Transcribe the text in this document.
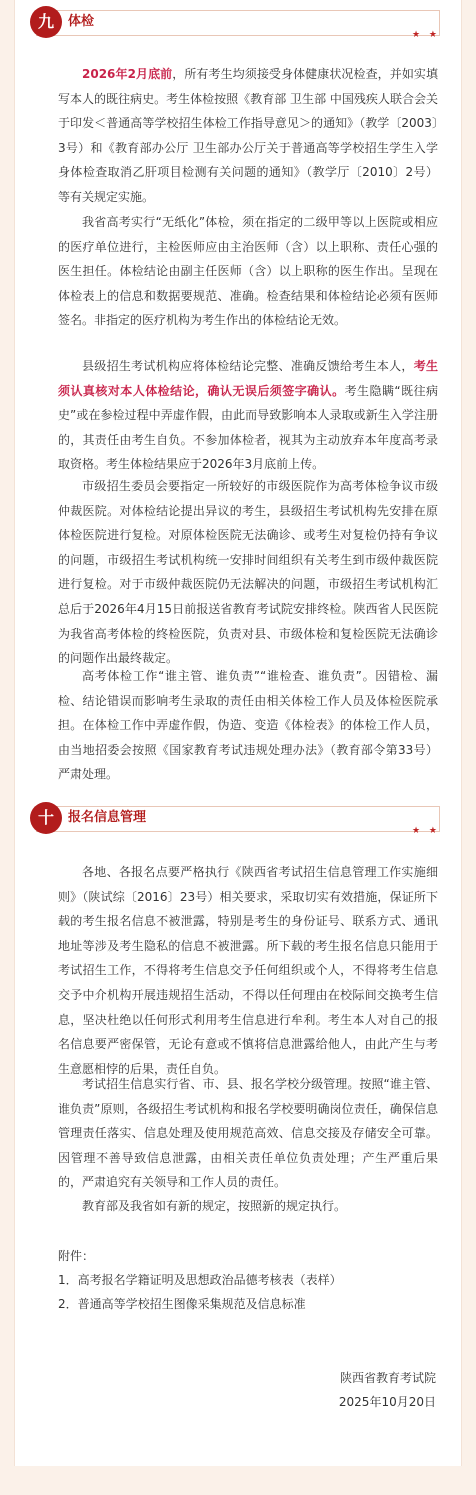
九	体检
★ ★
2026年2月底前，所有考生均须接受身体健康状况检查，并如实填写本人的既往病史。考生体检按照《教育部 卫生部 中国残疾人联合会关于印发＜普通高等学校招生体检工作指导意见＞的通知》（教学〔2003〕3号）和《教育部办公厅 卫生部办公厅关于普通高等学校招生学生入学身体检查取消乙肝项目检测有关问题的通知》（教学厅〔2010〕2号）等有关规定实施。
我省高考实行“无纸化”体检，须在指定的二级甲等以上医院或相应的医疗单位进行，主检医师应由主治医师（含）以上职称、责任心强的医生担任。体检结论由副主任医师（含）以上职称的医生作出。呈现在体检表上的信息和数据要规范、准确。检查结果和体检结论必须有医师签名。非指定的医疗机构为考生作出的体检结论无效。
县级招生考试机构应将体检结论完整、准确反馈给考生本人，考生须认真核对本人体检结论，确认无误后须签字确认。考生隐瞒“既往病史”或在参检过程中弄虚作假，由此而导致影响本人录取或新生入学注册的，其责任由考生自负。不参加体检者，视其为主动放弃本年度高考录取资格。考生体检结果应于2026年3月底前上传。
市级招生委员会要指定一所较好的市级医院作为高考体检争议市级仲裁医院。对体检结论提出异议的考生，县级招生考试机构先安排在原体检医院进行复检。对原体检医院无法确诊、或考生对复检仍持有争议的问题，市级招生考试机构统一安排时间组织有关考生到市级仲裁医院进行复检。对于市级仲裁医院仍无法解决的问题，市级招生考试机构汇总后于2026年4月15日前报送省教育考试院安排终检。陕西省人民医院为我省高考体检的终检医院，负责对县、市级体检和复检医院无法确诊的问题作出最终裁定。
高考体检工作“谁主管、谁负责”“谁检查、谁负责”。因错检、漏检、结论错误而影响考生录取的责任由相关体检工作人员及体检医院承担。在体检工作中弄虚作假，伪造、变造《体检表》的体检工作人员，由当地招委会按照《国家教育考试违规处理办法》（教育部令第33号）严肃处理。
十	报名信息管理
★ ★
各地、各报名点要严格执行《陕西省考试招生信息管理工作实施细则》（陕试综〔2016〕23号）相关要求，采取切实有效措施，保证所下载的考生报名信息不被泄露，特别是考生的身份证号、联系方式、通讯地址等涉及考生隐私的信息不被泄露。所下载的考生报名信息只能用于考试招生工作，不得将考生信息交予任何组织或个人，不得将考生信息交予中介机构开展违规招生活动，不得以任何理由在校际间交换考生信息，坚决杜绝以任何形式利用考生信息进行牟利。考生本人对自己的报名信息要严密保管，无论有意或不慎将信息泄露给他人，由此产生与考生意愿相悖的后果，责任自负。
考试招生信息实行省、市、县、报名学校分级管理。按照“谁主管、谁负责”原则，各级招生考试机构和报名学校要明确岗位责任，确保信息管理责任落实、信息处理及使用规范高效、信息交接及存储安全可靠。因管理不善导致信息泄露，由相关责任单位负责处理；产生严重后果的，严肃追究有关领导和工作人员的责任。
教育部及我省如有新的规定，按照新的规定执行。
附件：
1．高考报名学籍证明及思想政治品德考核表（表样）
2．普通高等学校招生图像采集规范及信息标准
陕西省教育考试院
2025年10月20日
